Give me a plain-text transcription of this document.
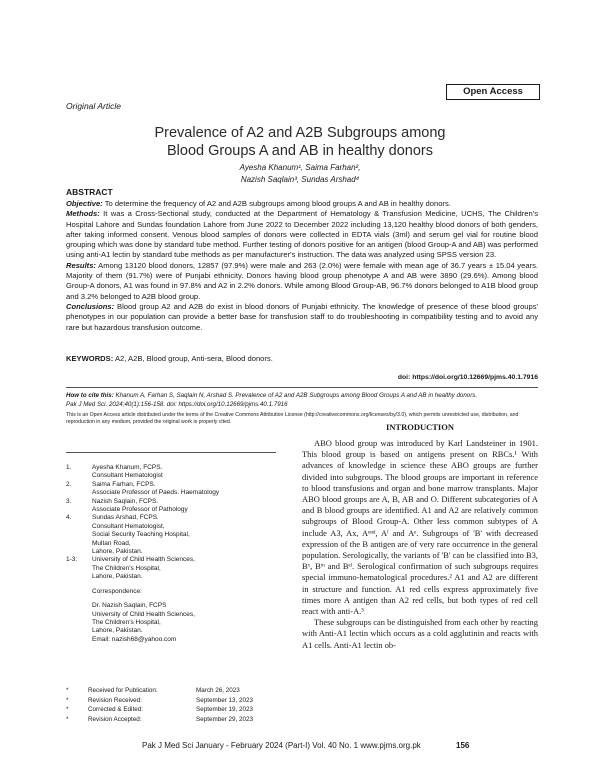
Open Access
Original Article
Prevalence of A2 and A2B Subgroups among
Blood Groups A and AB in healthy donors
Ayesha Khanum¹, Saima Farhan²,
Nazish Saqlain³, Sundas Arshad⁴
ABSTRACT

Objective: To determine the frequency of A2 and A2B subgroups among blood groups A and AB in healthy donors.

Methods: It was a Cross-Sectional study, conducted at the Department of Hematology & Transfusion Medicine, UCHS, The Children's Hospital Lahore and Sundas foundation Lahore from June 2022 to December 2022 including 13,120 healthy blood donors of both genders, after taking informed consent. Venous blood samples of donors were collected in EDTA vials (3ml) and serum gel vial for routine blood grouping which was done by standard tube method. Further testing of donors positive for an antigen (blood Group-A and AB) was performed using anti-A1 lectin by standard tube methods as per manufacturer's instruction. The data was analyzed using SPSS version 23.

Results: Among 13120 blood donors, 12857 (97.9%) were male and 263 (2.0%) were female with mean age of 36.7 years ± 15.04 years. Majority of them (91.7%) were of Punjabi ethnicity. Donors having blood group phenotype A and AB were 3890 (29.6%). Among blood Group-A donors, A1 was found in 97.8% and A2 in 2.2% donors. While among Blood Group-AB, 96.7% donors belonged to A1B blood group and 3.2% belonged to A2B blood group.

Conclusions: Blood group A2 and A2B do exist in blood donors of Punjabi ethnicity. The knowledge of presence of these blood groups' phenotypes in our population can provide a better base for transfusion staff to do troubleshooting in compatibility testing and to avoid any rare but hazardous transfusion outcome.

KEYWORDS: A2, A2B, Blood group, Anti-sera, Blood donors.
doi: https://doi.org/10.12669/pjms.40.1.7916
How to cite this: Khanum A, Farhan S, Saqlain N, Arshad S. Prevalence of A2 and A2B Subgroups among Blood Groups A and AB in healthy donors.
Pak J Med Sci. 2024;40(1):156-158. doi: https://doi.org/10.12669/pjms.40.1.7916
This is an Open Access article distributed under the terms of the Creative Commons Attribution License (http://creativecommons.org/licenses/by/3.0), which permits unrestricted use, distribution, and reproduction in any medium, provided the original work is properly cited.	INTRODUCTION

ABO blood group was introduced by Karl Landsteiner in 1901. This blood group is based on antigens present on RBCs.¹ With advances of knowledge in science these ABO groups are further divided into subgroups. The blood groups are important in reference to blood transfusions and organ and bone marrow transplants. Major ABO blood groups are A, B, AB and O. Different subcategories of A and B blood groups are identified. A1 and A2 are relatively common subgroups of Blood Group-A. Other less common subtypes of A include A3, Ax, Aᵉⁿᵈ, Aˡ and Aᵉ. Subgroups of 'B' with decreased expression of the B antigen are of very rare occurrence in the general population. Serologically, the variants of 'B' can be classified into B3, Bˣ, Bᵐ and Bᵉˡ. Serological confirmation of such subgroups requires special immuno-hematological procedures.² A1 and A2 are different in structure and function. A1 red cells express approximately five times more A antigen than A2 red cells, but both types of red cell react with anti-A.³

These subgroups can be distinguished from each other by reacting with Anti-A1 lectin which occurs as a cold agglutinin and reacts with A1 cells. Anti-A1 lectin ob-

1.	Ayesha Khanum, FCPS.
Consultant Hematologist
2.	Saima Farhan, FCPS.
Associate Professor of Paeds. Haematology
3.	Nazish Saqlain, FCPS.
Associate Professor of Pathology
4.	Sundas Arshad, FCPS.
Consultant Hematologist,
Social Security Teaching Hospital,
Multan Road,
Lahore, Pakistan.
1-3:	University of Child Health Sciences,
The Children's Hospital,
Lahore, Pakistan.
Correspondence:
Dr. Nazish Saqlain, FCPS
University of Child Health Sciences,
The Children's Hospital,
Lahore, Pakistan.
Email: nazish68@yahoo.com
*	Received for Publication:	March 26, 2023
*	Revision Received:	September 13, 2023
*	Corrected & Edited:	September 19, 2023
*	Revision Accepted:	September 29, 2023
Pak J Med Sci January - February 2024 (Part-I) Vol. 40 No. 1 www.pjms.org.pk	156
